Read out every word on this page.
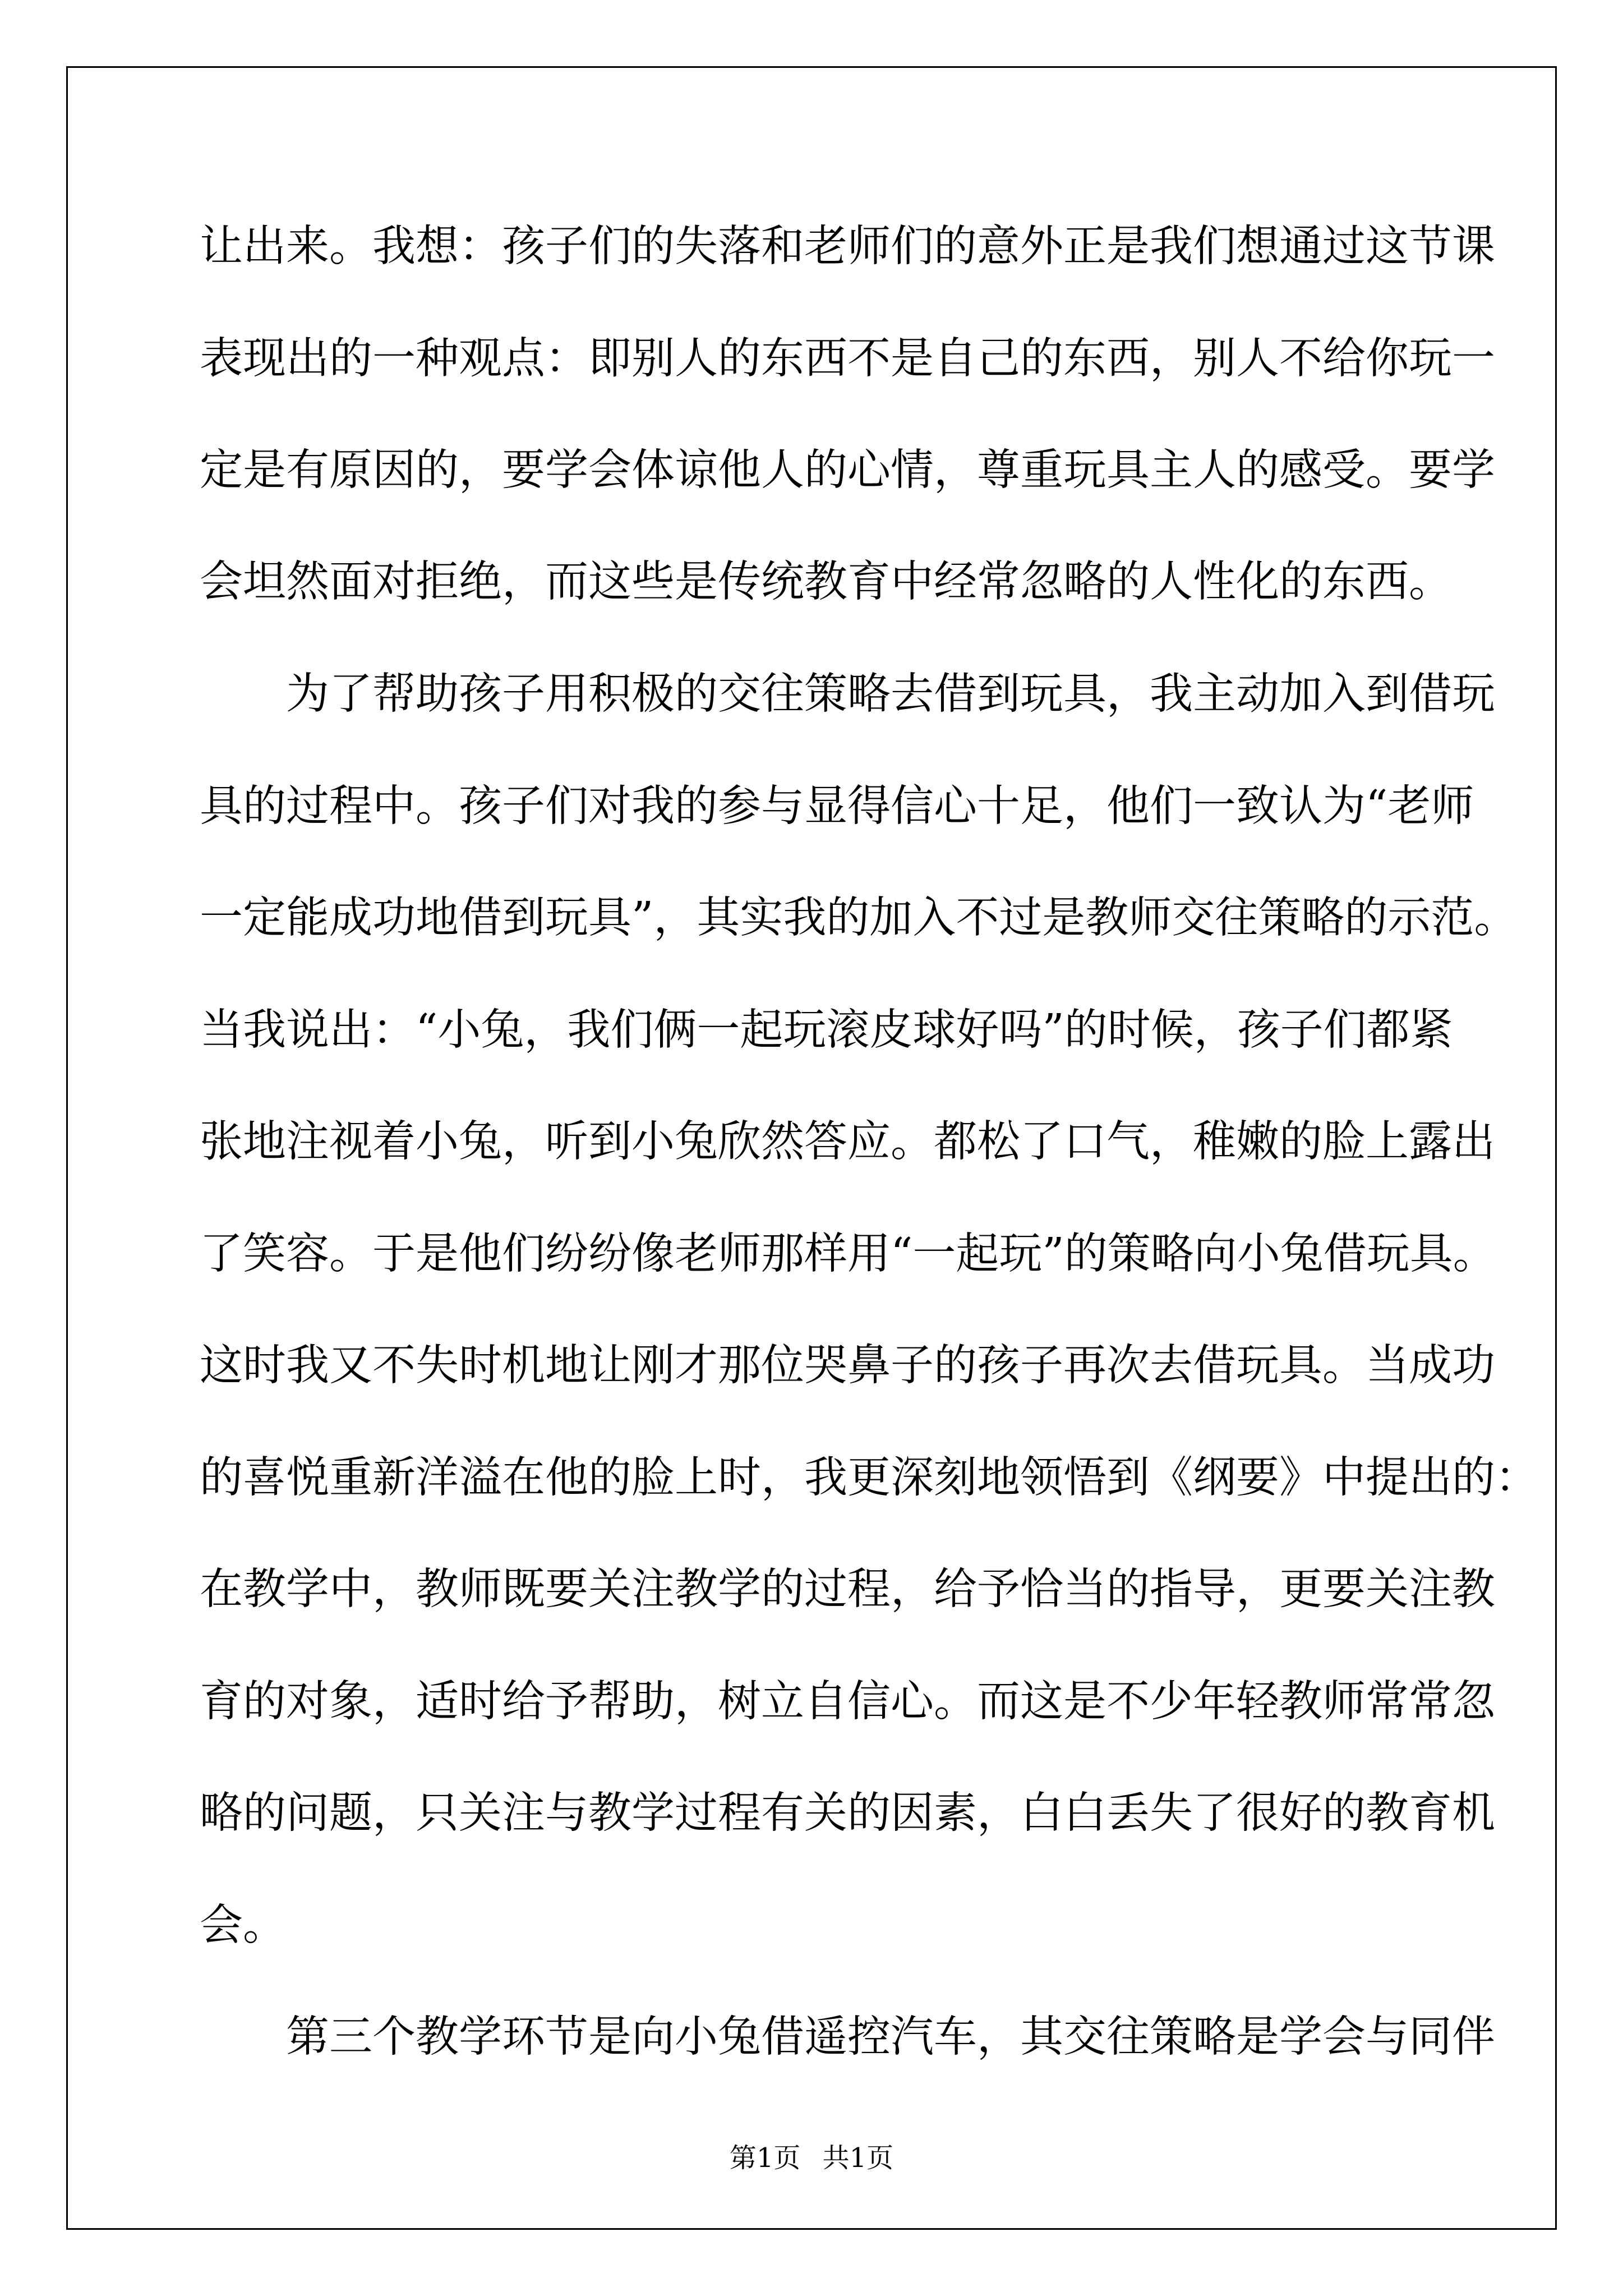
让出来。我想：孩子们的失落和老师们的意外正是我们想通过这节课

表现出的一种观点：即别人的东西不是自己的东西，别人不给你玩一

定是有原因的，要学会体谅他人的心情，尊重玩具主人的感受。要学

会坦然面对拒绝，而这些是传统教育中经常忽略的人性化的东西。

　　为了帮助孩子用积极的交往策略去借到玩具，我主动加入到借玩

具的过程中。孩子们对我的参与显得信心十足，他们一致认为“老师

一定能成功地借到玩具”，其实我的加入不过是教师交往策略的示范。

当我说出：“小兔，我们俩一起玩滚皮球好吗”的时候，孩子们都紧

张地注视着小兔，听到小兔欣然答应。都松了口气，稚嫩的脸上露出

了笑容。于是他们纷纷像老师那样用“一起玩”的策略向小兔借玩具。

这时我又不失时机地让刚才那位哭鼻子的孩子再次去借玩具。当成功

的喜悦重新洋溢在他的脸上时，我更深刻地领悟到《纲要》中提出的：

在教学中，教师既要关注教学的过程，给予恰当的指导，更要关注教

育的对象，适时给予帮助，树立自信心。而这是不少年轻教师常常忽

略的问题，只关注与教学过程有关的因素，白白丢失了很好的教育机

会。

　　第三个教学环节是向小兔借遥控汽车，其交往策略是学会与同伴

第1页 共1页
